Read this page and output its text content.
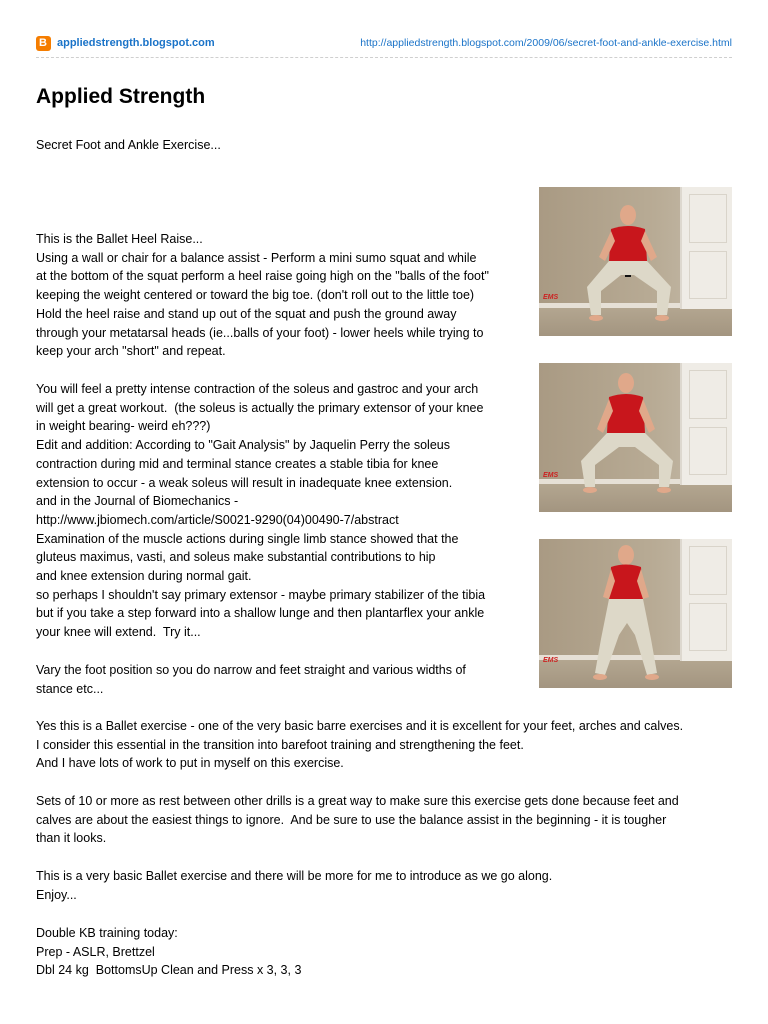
B appliedstrength.blogspot.com	http://appliedstrength.blogspot.com/2009/06/secret-foot-and-ankle-exercise.html
Applied Strength
Secret Foot and Ankle Exercise...
This is the Ballet Heel Raise...
Using a wall or chair for a balance assist - Perform a mini sumo squat and while
at the bottom of the squat perform a heel raise going high on the "balls of the foot"
keeping the weight centered or toward the big toe. (don't roll out to the little toe)
Hold the heel raise and stand up out of the squat and push the ground away
through your metatarsal heads (ie...balls of your foot) - lower heels while trying to
keep your arch "short" and repeat.
You will feel a pretty intense contraction of the soleus and gastroc and your arch
will get a great workout.  (the soleus is actually the primary extensor of your knee
in weight bearing- weird eh???)
Edit and addition: According to "Gait Analysis" by Jaquelin Perry the soleus
contraction during mid and terminal stance creates a stable tibia for knee
extension to occur - a weak soleus will result in inadequate knee extension.
and in the Journal of Biomechanics -
http://www.jbiomech.com/article/S0021-9290(04)00490-7/abstract
Examination of the muscle actions during single limb stance showed that the
gluteus maximus, vasti, and soleus make substantial contributions to hip
and knee extension during normal gait.
so perhaps I shouldn't say primary extensor - maybe primary stabilizer of the tibia
but if you take a step forward into a shallow lunge and then plantarflex your ankle
your knee will extend.  Try it...
Vary the foot position so you do narrow and feet straight and various widths of
stance etc...
Yes this is a Ballet exercise - one of the very basic barre exercises and it is excellent for your feet, arches and calves.
I consider this essential in the transition into barefoot training and strengthening the feet.
And I have lots of work to put in myself on this exercise.
Sets of 10 or more as rest between other drills is a great way to make sure this exercise gets done because feet and
calves are about the easiest things to ignore.  And be sure to use the balance assist in the beginning - it is tougher
than it looks.
This is a very basic Ballet exercise and there will be more for me to introduce as we go along.
Enjoy...
Double KB training today:
Prep - ASLR, Brettzel
Dbl 24 kg  BottomsUp Clean and Press x 3, 3, 3
EMS
EMS
EMS
